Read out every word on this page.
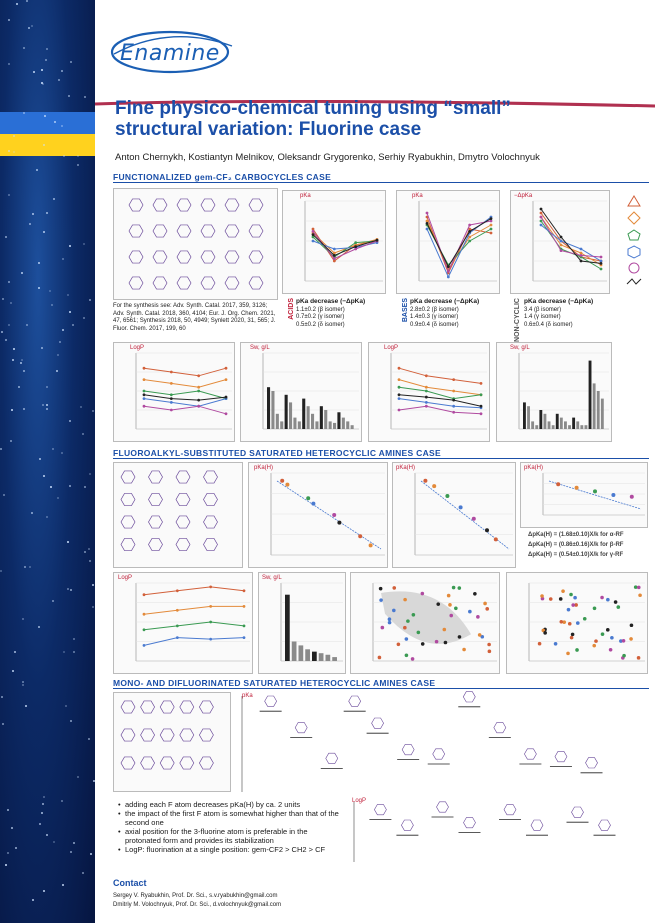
Enamine
Fine physico-chemical tuning using “small”
structural variation: Fluorine case
Anton Chernykh, Kostiantyn Melnikov, Oleksandr Grygorenko, Serhiy Ryabukhin, Dmytro Volochnyuk
FUNCTIONALIZED gem-CF₂ CARBOCYCLES CASE
For the synthesis see: Adv. Synth. Catal. 2017, 359, 3126; Adv. Synth. Catal. 2018, 360, 4104; Eur. J. Org. Chem. 2021, 47, 6561; Synthesis 2018, 50, 4949; Synlett 2020, 31, 565; J. Fluor. Chem. 2017, 199, 60
ACIDS pKa decrease (−ΔpKa)
1.1±0.2 (β isomer)
0.7±0.2 (γ isomer)
0.5±0.2 (δ isomer)
BASES pKa decrease (−ΔpKa)
2.8±0.2 (β isomer)
1.4±0.3 (γ isomer)
0.9±0.4 (δ isomer)	NON-CYCLIC pKa decrease (−ΔpKa)
3.4 (β isomer)
1.4 (γ isomer)
0.6±0.4 (δ isomer)
FLUOROALKYL-SUBSTITUTED SATURATED HETEROCYCLIC AMINES CASE
ΔpKa(H) = (1.68±0.10)X/k for α-RF
ΔpKa(H) = (0.86±0.16)X/k for β-RF
ΔpKa(H) = (0.54±0.10)X/k for γ-RF
MONO- AND DIFLUORINATED SATURATED HETEROCYCLIC AMINES CASE
• adding each F atom decreases pKa(H) by ca. 2 units
• the impact of the first F atom is somewhat higher than that of the second one
• axial position for the 3-fluorine atom is preferable in the protonated form and provides its stabilization
• LogP: fluorination at a single position: gem-CF2 > CH2 > CF
Contact
Sergey V. Ryabukhin, Prof. Dr. Sci., s.v.ryabukhin@gmail.com
Dmitriy M. Volochnyuk, Prof. Dr. Sci., d.volochnyuk@gmail.com
pKa	pKa	−ΔpKa
LogP	Sw, g/L	LogP	Sw, g/L
pKa(H)	pKa(H)	pKa(H)
LogP	Sw, g/L
pKa
LogP
